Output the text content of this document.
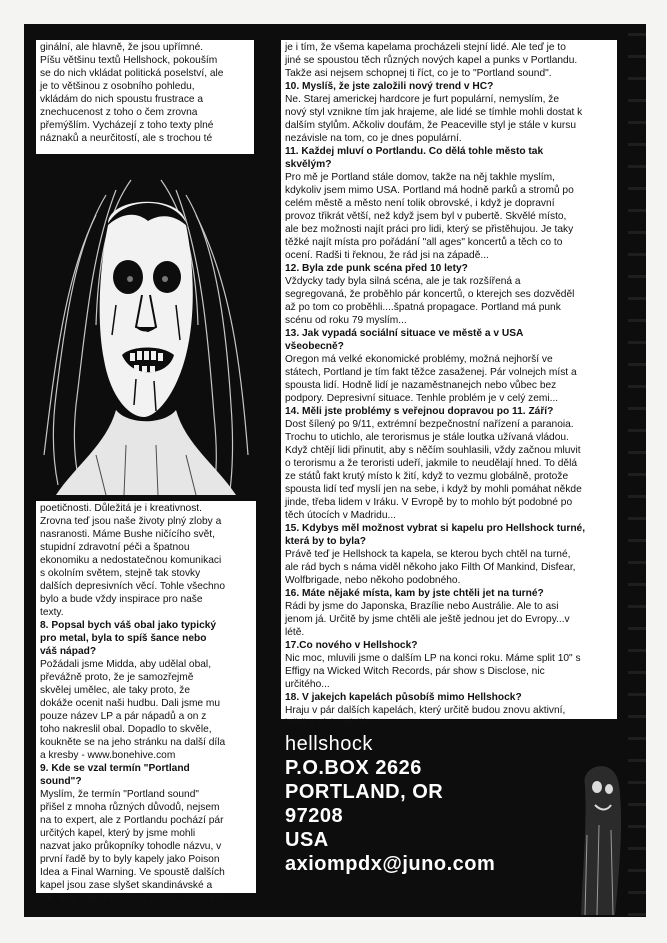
ginální, ale hlavně, že jsou upřímné.

Píšu většinu textů Hellshock, pokouším

se do nich vkládat politická poselství, ale

je to většinou z osobního pohledu,

vkládám do nich spoustu frustrace a

znechucenost z toho o čem zrovna

přemýšlím. Vycházejí z toho texty plné

náznaků a neurčitostí, ale s trochou té

poetičnosti. Důležitá je i kreativnost.

Zrovna teď jsou naše životy plný zloby a

nasranosti. Máme Bushe ničícího svět,

stupidní zdravotní péči a špatnou

ekonomiku a nedostatečnou komunikaci

s okolním světem, stejně tak stovky

dalších depresivních věcí. Tohle všechno

bylo a bude vždy inspirace pro naše

texty.

8. Popsal bych váš obal jako typický

pro metal, byla to spíš šance nebo

váš nápad?

Požádali jsme Midda, aby udělal obal,

převážně proto, že je samozřejmě

skvělej umělec, ale taky proto, že

dokáže ocenit naši hudbu. Dali jsme mu

pouze název LP a pár nápadů a on z

toho nakreslil obal. Dopadlo to skvěle,

koukněte se na jeho stránku na další díla

a kresby - www.bonehive.com

9. Kde se vzal termín "Portland

sound"?

Myslím, že termín "Portland sound"

přišel z mnoha různých důvodů, nejsem

na to expert, ale z Portlandu pochází pár

určitých kapel, který by jsme mohli

nazvat jako průkopníky tohodle názvu, v

první řadě by to byly kapely jako Poison

Idea a Final Warning. Ve spoustě dalších

kapel jsou zase slyšet skandinávské a

UK vlivy, jako Defiance, Resist, možná to

je i tím, že všema kapelama procházeli stejní lidé. Ale teď je to

jiné se spoustou těch různých nových kapel a punks v Portlandu.

Takže asi nejsem schopnej ti říct, co je to "Portland sound".

10. Myslíš, že jste založili nový trend v HC?

Ne. Starej americkej hardcore je furt populární, nemyslím, že

nový styl vznikne tím jak hrajeme, ale lidé se tímhle mohli dostat k

dalším stylům. Ačkoliv doufám, že Peaceville styl je stále v kursu

nezávisle na tom, co je dnes populární.

11. Každej mluví o Portlandu. Co dělá tohle město tak

skvělým?

Pro mě je Portland stále domov, takže na něj takhle myslím,

kdykoliv jsem mimo USA. Portland má hodně parků a stromů po

celém městě a město není tolik obrovské, i když je dopravní

provoz třikrát větší, než když jsem byl v pubertě. Skvělé místo,

ale bez možnosti najít práci pro lidi, který se přistěhujou. Je taky

těžké najít místa pro pořádání "all ages" koncertů a těch co to

ocení. Radši ti řeknou, že rád jsi na západě...

12. Byla zde punk scéna před 10 lety?

Vždycky tady byla silná scéna, ale je tak rozšířená a

segregovaná, že proběhlo pár koncertů, o kterejch ses dozvěděl

až po tom co proběhli....špatná propagace. Portland má punk

scénu od roku 79 myslím...

13. Jak vypadá sociální situace ve městě a v USA

všeobecně?

Oregon má velké ekonomické problémy, možná nejhorší ve

státech, Portland je tím fakt těžce zasaženej. Pár volnejch míst a

spousta lidí. Hodně lidí je nazaměstnanejch nebo vůbec bez

podpory. Depresivní situace. Tenhle problém je v celý zemi...

14. Měli jste problémy s veřejnou dopravou po 11. Září?

Dost šílený po 9/11, extrémní bezpečnostní nařízení a paranoia.

Trochu to utichlo, ale terorismus je stále loutka užívaná vládou.

Když chtějí lidi přinutit, aby s něčím souhlasili, vždy začnou mluvit

o terorismu a že teroristi udeří, jakmile to neudělají hned. To dělá

ze států fakt krutý místo k žití, když to vezmu globálně, protože

spousta lidí teď myslí jen na sebe, i když by mohli pomáhat někde

jinde, třeba lidem v Iráku. V Evropě by to mohlo být podobné po

těch útocích v Madridu...

15. Kdybys měl možnost vybrat si kapelu pro Hellshock turné,

která by to byla?

Právě teď je Hellshock ta kapela, se kterou bych chtěl na turné,

ale rád bych s náma viděl někoho jako Filth Of Mankind, Disfear,

Wolfbrigade, nebo někoho podobného.

16. Máte nějaké místa, kam by jste chtěli jet na turné?

Rádi by jsme do Japonska, Brazílie nebo Austrálie. Ale to asi

jenom já. Určitě by jsme chtěli ale ještě jednou jet do Evropy...v

létě.

17.Co nového v Hellshock?

Nic moc, mluvili jsme o dalším LP na konci roku. Máme split 10" s

Effigy na Wicked Witch Records, pár show s Disclose, nic

určitého...

18. V jakejch kapelách působíš mimo Hellshock?

Hraju v pár dalších kapelách, který určitě budou znovu aktivní,

ještě o nich uslyšíte...

hellshock
P.O.BOX 2626
PORTLAND, OR
97208
USA
axiompdx@juno.com
